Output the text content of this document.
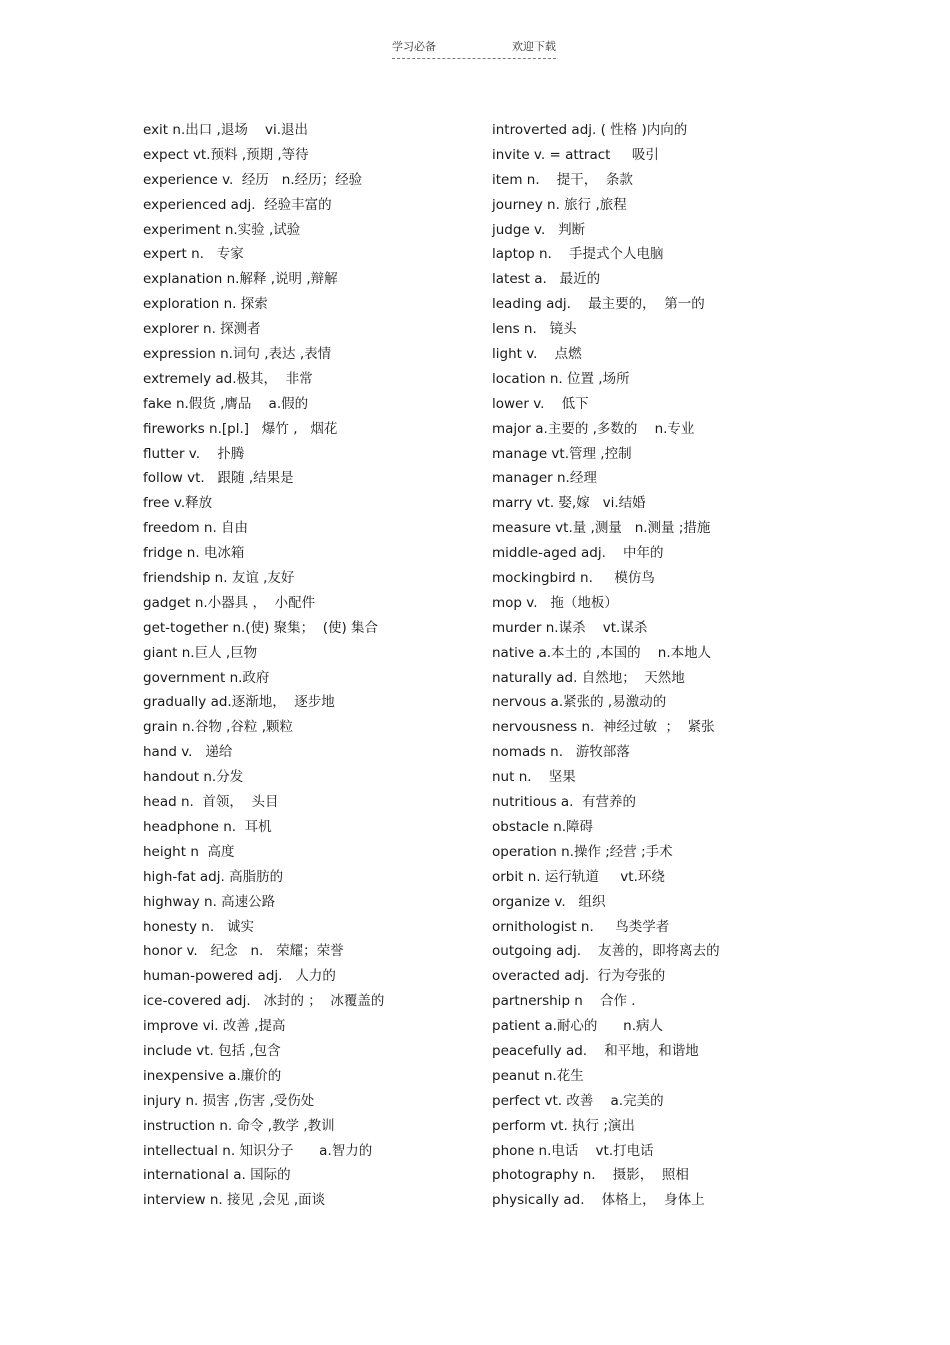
学习必备	欢迎下载
exit n.出口 ,退场    vi.退出
expect vt.预料 ,预期 ,等待
experience v.  经历   n.经历；经验
experienced adj.  经验丰富的
experiment n.实验 ,试验
expert n.   专家
explanation n.解释 ,说明 ,辩解
exploration n. 探索
explorer n. 探测者
expression n.词句 ,表达 ,表情
extremely ad.极其，  非常
fake n.假货 ,膺品    a.假的
fireworks n.[pl.]   爆竹 ,   烟花
flutter v.    扑腾
follow vt.   跟随 ,结果是
free v.释放
freedom n. 自由
fridge n. 电冰箱
friendship n. 友谊 ,友好
gadget n.小器具 ，  小配件
get-together n.(使) 聚集；  (使) 集合
giant n.巨人 ,巨物
government n.政府
gradually ad.逐渐地，  逐步地
grain n.谷物 ,谷粒 ,颗粒
hand v.   递给
handout n.分发
head n.  首领，  头目
headphone n.  耳机
height n  高度
high-fat adj. 高脂肪的
highway n. 高速公路
honesty n.   诚实
honor v.   纪念   n.   荣耀；荣誉
human-powered adj.   人力的
ice-covered adj.   冰封的 ；  冰覆盖的
improve vi. 改善 ,提高
include vt. 包括 ,包含
inexpensive a.廉价的
injury n. 损害 ,伤害 ,受伤处
instruction n. 命令 ,教学 ,教训
intellectual n. 知识分子      a.智力的
international a. 国际的
interview n. 接见 ,会见 ,面谈
introverted adj. ( 性格 )内向的
invite v. = attract     吸引
item n.    提干，  条款
journey n. 旅行 ,旅程
judge v.   判断
laptop n.    手提式个人电脑
latest a.   最近的
leading adj.    最主要的，  第一的
lens n.   镜头
light v.    点燃
location n. 位置 ,场所
lower v.    低下
major a.主要的 ,多数的    n.专业
manage vt.管理 ,控制
manager n.经理
marry vt. 娶,嫁   vi.结婚
measure vt.量 ,测量   n.测量 ;措施
middle-aged adj.    中年的
mockingbird n.     模仿鸟
mop v.   拖（地板）
murder n.谋杀    vt.谋杀
native a.本土的 ,本国的    n.本地人
naturally ad. 自然地；  天然地
nervous a.紧张的 ,易激动的
nervousness n.  神经过敏  ；  紧张
nomads n.   游牧部落
nut n.    坚果
nutritious a.  有营养的
obstacle n.障碍
operation n.操作 ;经营 ;手术
orbit n. 运行轨道     vt.环绕
organize v.   组织
ornithologist n.     鸟类学者
outgoing adj.    友善的，即将离去的
overacted adj.  行为夸张的
partnership n    合作 .
patient a.耐心的      n.病人
peacefully ad.    和平地，和谐地
peanut n.花生
perfect vt. 改善    a.完美的
perform vt. 执行 ;演出
phone n.电话    vt.打电话
photography n.    摄影，  照相
physically ad.    体格上，  身体上
